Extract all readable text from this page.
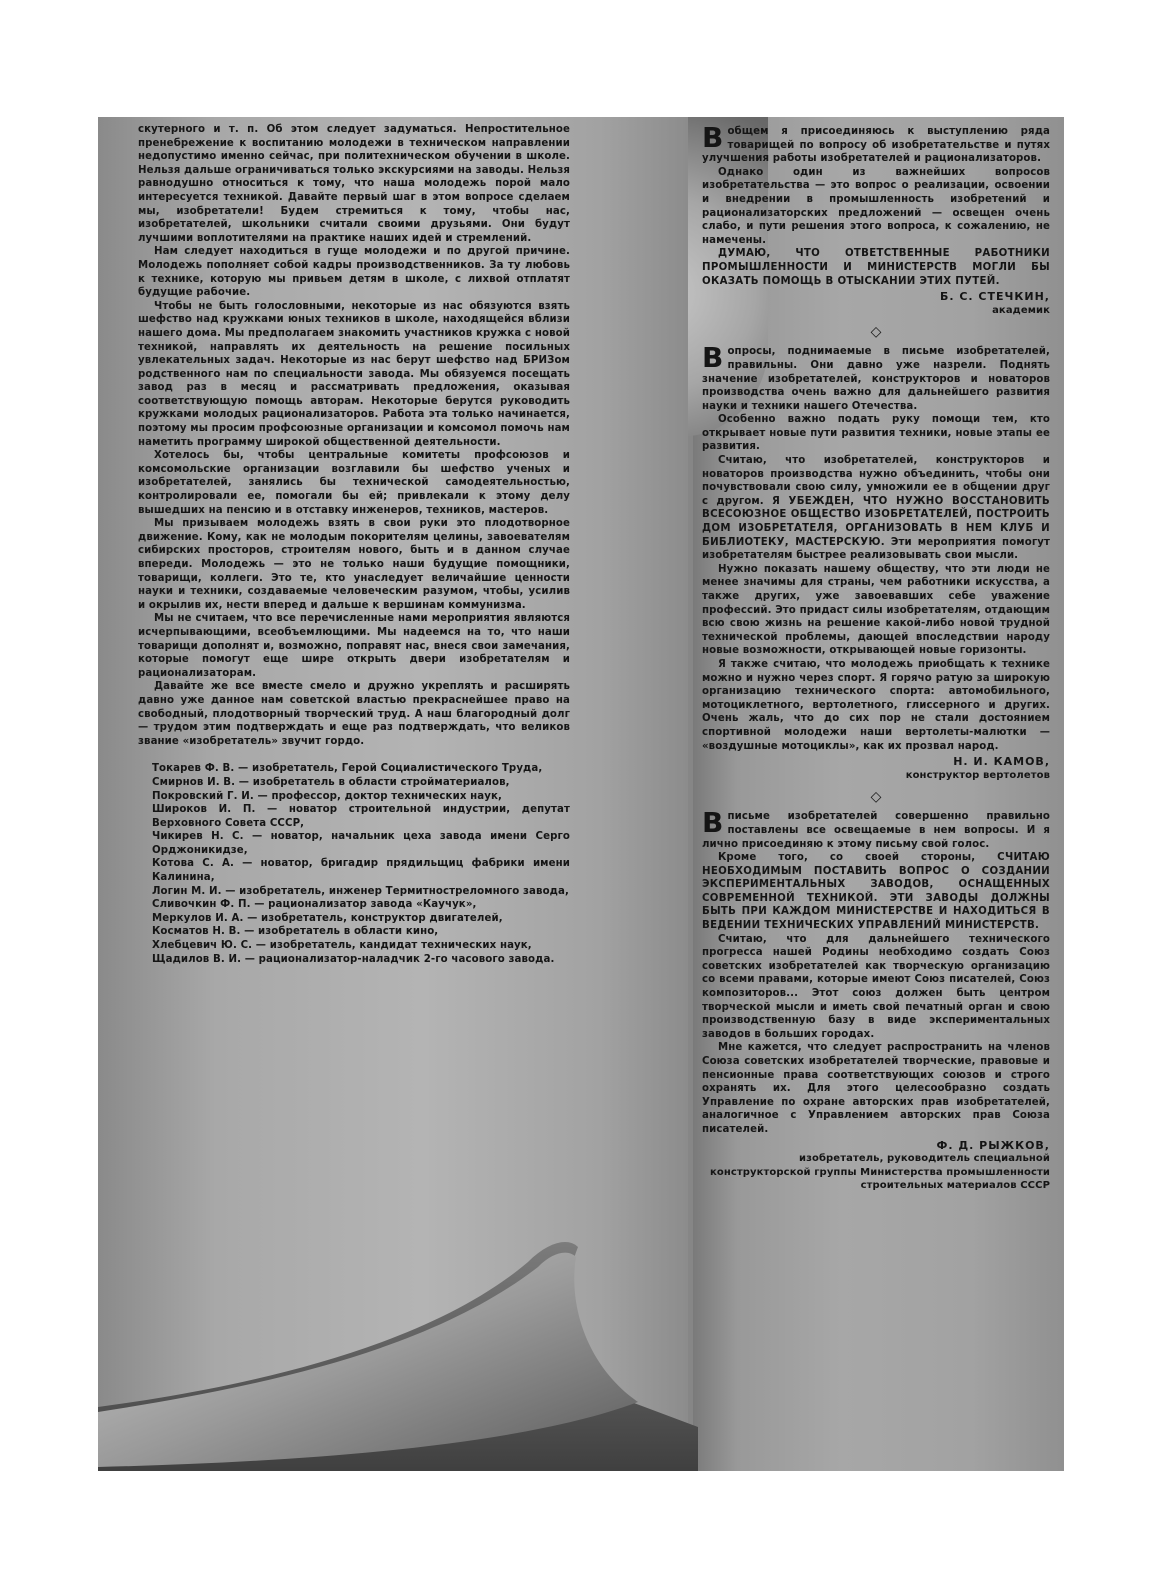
скутерного и т. п. Об этом следует задуматься. Непростительное пренебрежение к воспитанию молодежи в техническом направлении недопустимо именно сейчас, при политехническом обучении в школе. Нельзя дальше ограничиваться только экскурсиями на заводы. Нельзя равнодушно относиться к тому, что наша молодежь порой мало интересуется техникой. Давайте первый шаг в этом вопросе сделаем мы, изобретатели! Будем стремиться к тому, чтобы нас, изобретателей, школьники считали своими друзьями. Они будут лучшими воплотителями на практике наших идей и стремлений.

Нам следует находиться в гуще молодежи и по другой причине. Молодежь пополняет собой кадры производственников. За ту любовь к технике, которую мы привьем детям в школе, с лихвой отплатят будущие рабочие.

Чтобы не быть голословными, некоторые из нас обязуются взять шефство над кружками юных техников в школе, находящейся вблизи нашего дома. Мы предполагаем знакомить участников кружка с новой техникой, направлять их деятельность на решение посильных увлекательных задач. Некоторые из нас берут шефство над БРИЗом родственного нам по специальности завода. Мы обязуемся посещать завод раз в месяц и рассматривать предложения, оказывая соответствующую помощь авторам. Некоторые берутся руководить кружками молодых рационализаторов. Работа эта только начинается, поэтому мы просим профсоюзные организации и комсомол помочь нам наметить программу широкой общественной деятельности.

Хотелось бы, чтобы центральные комитеты профсоюзов и комсомольские организации возглавили бы шефство ученых и изобретателей, занялись бы технической самодеятельностью, контролировали ее, помогали бы ей; привлекали к этому делу вышедших на пенсию и в отставку инженеров, техников, мастеров.

Мы призываем молодежь взять в свои руки это плодотворное движение. Кому, как не молодым покорителям целины, завоевателям сибирских просторов, строителям нового, быть и в данном случае впереди. Молодежь — это не только наши будущие помощники, товарищи, коллеги. Это те, кто унаследует величайшие ценности науки и техники, создаваемые человеческим разумом, чтобы, усилив и окрылив их, нести вперед и дальше к вершинам коммунизма.

Мы не считаем, что все перечисленные нами мероприятия являются исчерпывающими, всеобъемлющими. Мы надеемся на то, что наши товарищи дополнят и, возможно, поправят нас, внеся свои замечания, которые помогут еще шире открыть двери изобретателям и рационализаторам.

Давайте же все вместе смело и дружно укреплять и расширять давно уже данное нам советской властью прекраснейшее право на свободный, плодотворный творческий труд. А наш благородный долг — трудом этим подтверждать и еще раз подтверждать, что великов звание «изобретатель» звучит гордо.

Токарев Ф. В. — изобретатель, Герой Социалистического Труда,

Смирнов И. В. — изобретатель в области стройматериалов,

Покровский Г. И. — профессор, доктор технических наук,

Широков И. П. — новатор строительной индустрии, депутат Верховного Совета СССР,

Чикирев Н. С. — новатор, начальник цеха завода имени Серго Орджоникидзе,

Котова С. А. — новатор, бригадир прядильщиц фабрики имени Калинина,

Логин М. И. — изобретатель, инженер Термитностреломного завода,

Сливочкин Ф. П. — рационализатор завода «Каучук»,

Меркулов И. А. — изобретатель, конструктор двигателей,

Косматов Н. В. — изобретатель в области кино,

Хлебцевич Ю. С. — изобретатель, кандидат технических наук,

Щадилов В. И. — рационализатор-наладчик 2-го часового завода.

Вобщем я присоединяюсь к выступлению ряда товарищей по вопросу об изобретательстве и путях улучшения работы изобретателей и рационализаторов.

Однако один из важнейших вопросов изобретательства — это вопрос о реализации, освоении и внедрении в промышленность изобретений и рационализаторских предложений — освещен очень слабо, и пути решения этого вопроса, к сожалению, не намечены.

ДУМАЮ, ЧТО ОТВЕТСТВЕННЫЕ РАБОТНИКИ ПРОМЫШЛЕННОСТИ И МИНИСТЕРСТВ МОГЛИ БЫ ОКАЗАТЬ ПОМОЩЬ В ОТЫСКАНИИ ЭТИХ ПУТЕЙ.

Б. С. СТЕЧКИН,
академик
◇

Вопросы, поднимаемые в письме изобретателей, правильны. Они давно уже назрели. Поднять значение изобретателей, конструкторов и новаторов производства очень важно для дальнейшего развития науки и техники нашего Отечества.

Особенно важно подать руку помощи тем, кто открывает новые пути развития техники, новые этапы ее развития.

Считаю, что изобретателей, конструкторов и новаторов производства нужно объединить, чтобы они почувствовали свою силу, умножили ее в общении друг с другом. Я УБЕЖДЕН, ЧТО НУЖНО ВОССТАНОВИТЬ ВСЕСОЮЗНОЕ ОБЩЕСТВО ИЗОБРЕТАТЕЛЕЙ, ПОСТРОИТЬ ДОМ ИЗОБРЕТАТЕЛЯ, ОРГАНИЗОВАТЬ В НЕМ КЛУБ И БИБЛИОТЕКУ, МАСТЕРСКУЮ. Эти мероприятия помогут изобретателям быстрее реализовывать свои мысли.

Нужно показать нашему обществу, что эти люди не менее значимы для страны, чем работники искусства, а также других, уже завоевавших себе уважение профессий. Это придаст силы изобретателям, отдающим всю свою жизнь на решение какой-либо новой трудной технической проблемы, дающей впоследствии народу новые возможности, открывающей новые горизонты.

Я также считаю, что молодежь приобщать к технике можно и нужно через спорт. Я горячо ратую за широкую организацию технического спорта: автомобильного, мотоциклетного, вертолетного, глиссерного и других. Очень жаль, что до сих пор не стали достоянием спортивной молодежи наши вертолеты-малютки — «воздушные мотоциклы», как их прозвал народ.

Н. И. КАМОВ,
конструктор вертолетов
◇

Вписьме изобретателей совершенно правильно поставлены все освещаемые в нем вопросы. И я лично присоединяю к этому письму свой голос.

Кроме того, со своей стороны, СЧИТАЮ НЕОБХОДИМЫМ ПОСТАВИТЬ ВОПРОС О СОЗДАНИИ ЭКСПЕРИМЕНТАЛЬНЫХ ЗАВОДОВ, ОСНАЩЕННЫХ СОВРЕМЕННОЙ ТЕХНИКОЙ. ЭТИ ЗАВОДЫ ДОЛЖНЫ БЫТЬ ПРИ КАЖДОМ МИНИСТЕРСТВЕ И НАХОДИТЬСЯ В ВЕДЕНИИ ТЕХНИЧЕСКИХ УПРАВЛЕНИЙ МИНИСТЕРСТВ.

Считаю, что для дальнейшего технического прогресса нашей Родины необходимо создать Союз советских изобретателей как творческую организацию со всеми правами, которые имеют Союз писателей, Союз композиторов... Этот союз должен быть центром творческой мысли и иметь свой печатный орган и свою производственную базу в виде экспериментальных заводов в больших городах.

Мне кажется, что следует распространить на членов Союза советских изобретателей творческие, правовые и пенсионные права соответствующих союзов и строго охранять их. Для этого целесообразно создать Управление по охране авторских прав изобретателей, аналогичное с Управлением авторских прав Союза писателей.

Ф. Д. РЫЖКОВ,
изобретатель, руководитель специальной конструкторской группы Министерства промышленности строительных материалов СССР
